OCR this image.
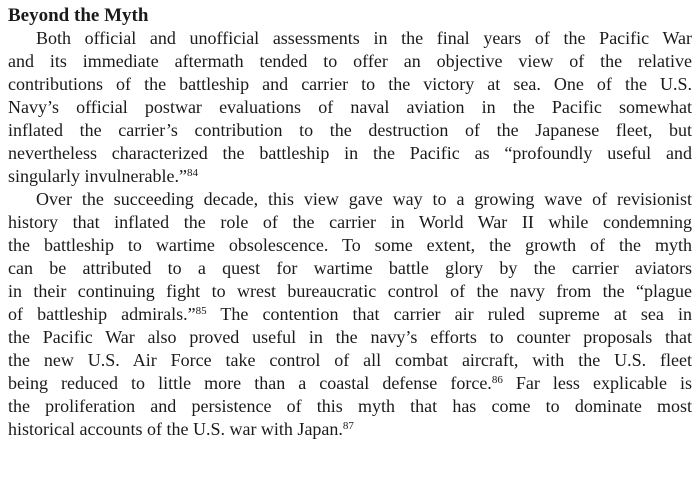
Beyond the Myth
Both official and unofficial assessments in the final years of the Pacific War
and its immediate aftermath tended to offer an objective view of the relative
contributions of the battleship and carrier to the victory at sea. One of the U.S.
Navy’s official postwar evaluations of naval aviation in the Pacific somewhat
inflated the carrier’s contribution to the destruction of the Japanese fleet, but
nevertheless characterized the battleship in the Pacific as “profoundly useful and
singularly invulnerable.”$^{84}$
Over the succeeding decade, this view gave way to a growing wave of revisionist
history that inflated the role of the carrier in World War II while condemning
the battleship to wartime obsolescence. To some extent, the growth of the myth
can be attributed to a quest for wartime battle glory by the carrier aviators
in their continuing fight to wrest bureaucratic control of the navy from the “plague
of battleship admirals.”$^{85}$ The contention that carrier air ruled supreme at sea in
the Pacific War also proved useful in the navy’s efforts to counter proposals that
the new U.S. Air Force take control of all combat aircraft, with the U.S. fleet
being reduced to little more than a coastal defense force.$^{86}$ Far less explicable is
the proliferation and persistence of this myth that has come to dominate most
historical accounts of the U.S. war with Japan.$^{87}$
